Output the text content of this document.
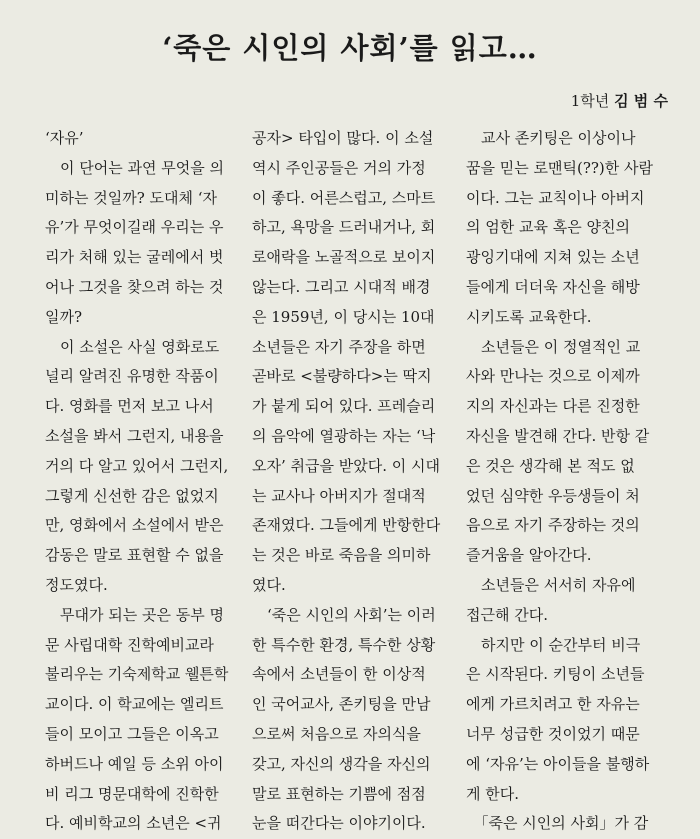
‘죽은 시인의 사회’를 읽고…
1학년 김 범 수
‘자유’
　이 단어는 과연 무엇을 의
미하는 것일까? 도대체 ‘자
유’가 무엇이길래 우리는 우
리가 처해 있는 굴레에서 벗
어나 그것을 찾으려 하는 것
일까?
　이 소설은 사실 영화로도
널리 알려진 유명한 작품이
다. 영화를 먼저 보고 나서
소설을 봐서 그런지, 내용을
거의 다 알고 있어서 그런지,
그렇게 신선한 감은 없었지
만, 영화에서 소설에서 받은
감동은 말로 표현할 수 없을
정도였다.
　무대가 되는 곳은 동부 명
문 사립대학 진학예비교라
불리우는 기숙제학교 웰튼학
교이다. 이 학교에는 엘리트
들이 모이고 그들은 이옥고
하버드나 예일 등 소위 아이
비 리그 명문대학에 진학한
다. 예비학교의 소년은 <귀
공자> 타입이 많다. 이 소설
역시 주인공들은 거의 가정
이 좋다. 어른스럽고, 스마트
하고, 욕망을 드러내거나, 회
로애락을 노골적으로 보이지
않는다. 그리고 시대적 배경
은 1959년, 이 당시는 10대
소년들은 자기 주장을 하면
곧바로 <불량하다>는 딱지
가 붙게 되어 있다. 프레슬리
의 음악에 열광하는 자는 ‘낙
오자’ 취급을 받았다. 이 시대
는 교사나 아버지가 절대적
존재였다. 그들에게 반항한다
는 것은 바로 죽음을 의미하
였다.
　‘죽은 시인의 사회’는 이러
한 특수한 환경, 특수한 상황
속에서 소년들이 한 이상적
인 국어교사, 존키팅을 만남
으로써 처음으로 자의식을
갖고, 자신의 생각을 자신의
말로 표현하는 기쁨에 점점
눈을 떠간다는 이야기이다.
　교사 존키팅은 이상이나
꿈을 믿는 로맨틱(??)한 사람
이다. 그는 교칙이나 아버지
의 엄한 교육 혹은 양친의
광잉기대에 지쳐 있는 소년
들에게 더더욱 자신을 해방
시키도록 교육한다.
　소년들은 이 정열적인 교
사와 만나는 것으로 이제까
지의 자신과는 다른 진정한
자신을 발견해 간다. 반항 같
은 것은 생각해 본 적도 없
었던 심약한 우등생들이 처
음으로 자기 주장하는 것의
즐거움을 알아간다.
　소년들은 서서히 자유에
접근해 간다.
　하지만 이 순간부터 비극
은 시작된다. 키팅이 소년들
에게 가르치려고 한 자유는
너무 성급한 것이었기 때문
에 ‘자유’는 아이들을 불행하
게 한다.
　「죽은 시인의 사회」가 감
